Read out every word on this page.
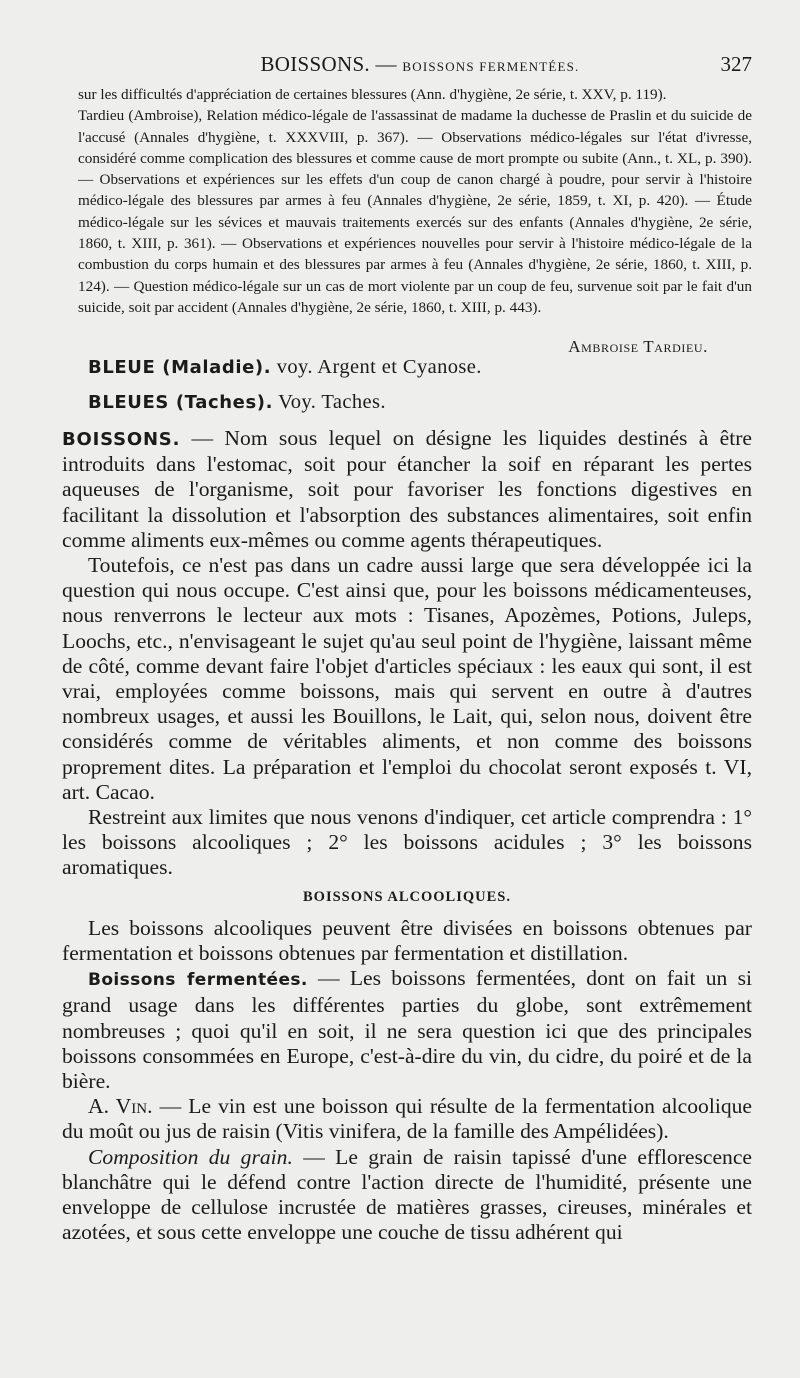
BOISSONS. — BOISSONS FERMENTÉES.	327

sur les difficultés d'appréciation de certaines blessures (Ann. d'hygiène, 2e série, t. XXV, p. 119).

Tardieu (Ambroise), Relation médico-légale de l'assassinat de madame la duchesse de Praslin et du suicide de l'accusé (Annales d'hygiène, t. XXXVIII, p. 367). — Observations médico-légales sur l'état d'ivresse, considéré comme complication des blessures et comme cause de mort prompte ou subite (Ann., t. XL, p. 390). — Observations et expériences sur les effets d'un coup de canon chargé à poudre, pour servir à l'histoire médico-légale des blessures par armes à feu (Annales d'hygiène, 2e série, 1859, t. XI, p. 420). — Étude médico-légale sur les sévices et mauvais traitements exercés sur des enfants (Annales d'hygiène, 2e série, 1860, t. XIII, p. 361). — Observations et expériences nouvelles pour servir à l'histoire médico-légale de la combustion du corps humain et des blessures par armes à feu (Annales d'hygiène, 2e série, 1860, t. XIII, p. 124). — Question médico-légale sur un cas de mort violente par un coup de feu, survenue soit par le fait d'un suicide, soit par accident (Annales d'hygiène, 2e série, 1860, t. XIII, p. 443).

Ambroise Tardieu.
BLEUE (Maladie). voy. Argent et Cyanose.
BLEUES (Taches). Voy. Taches.

BOISSONS. — Nom sous lequel on désigne les liquides destinés à être introduits dans l'estomac, soit pour étancher la soif en réparant les pertes aqueuses de l'organisme, soit pour favoriser les fonctions digestives en facilitant la dissolution et l'absorption des substances alimentaires, soit enfin comme aliments eux-mêmes ou comme agents thérapeutiques.

Toutefois, ce n'est pas dans un cadre aussi large que sera développée ici la question qui nous occupe. C'est ainsi que, pour les boissons médicamenteuses, nous renverrons le lecteur aux mots : Tisanes, Apozèmes, Potions, Juleps, Loochs, etc., n'envisageant le sujet qu'au seul point de l'hygiène, laissant même de côté, comme devant faire l'objet d'articles spéciaux : les eaux qui sont, il est vrai, employées comme boissons, mais qui servent en outre à d'autres nombreux usages, et aussi les Bouillons, le Lait, qui, selon nous, doivent être considérés comme de véritables aliments, et non comme des boissons proprement dites. La préparation et l'emploi du chocolat seront exposés t. VI, art. Cacao.

Restreint aux limites que nous venons d'indiquer, cet article comprendra : 1° les boissons alcooliques ; 2° les boissons acidules ; 3° les boissons aromatiques.

BOISSONS ALCOOLIQUES.

Les boissons alcooliques peuvent être divisées en boissons obtenues par fermentation et boissons obtenues par fermentation et distillation.

Boissons fermentées. — Les boissons fermentées, dont on fait un si grand usage dans les différentes parties du globe, sont extrêmement nombreuses ; quoi qu'il en soit, il ne sera question ici que des principales boissons consommées en Europe, c'est-à-dire du vin, du cidre, du poiré et de la bière.

A. Vin. — Le vin est une boisson qui résulte de la fermentation alcoolique du moût ou jus de raisin (Vitis vinifera, de la famille des Ampélidées).

Composition du grain. — Le grain de raisin tapissé d'une efflorescence blanchâtre qui le défend contre l'action directe de l'humidité, présente une enveloppe de cellulose incrustée de matières grasses, cireuses, minérales et azotées, et sous cette enveloppe une couche de tissu adhérent qui
